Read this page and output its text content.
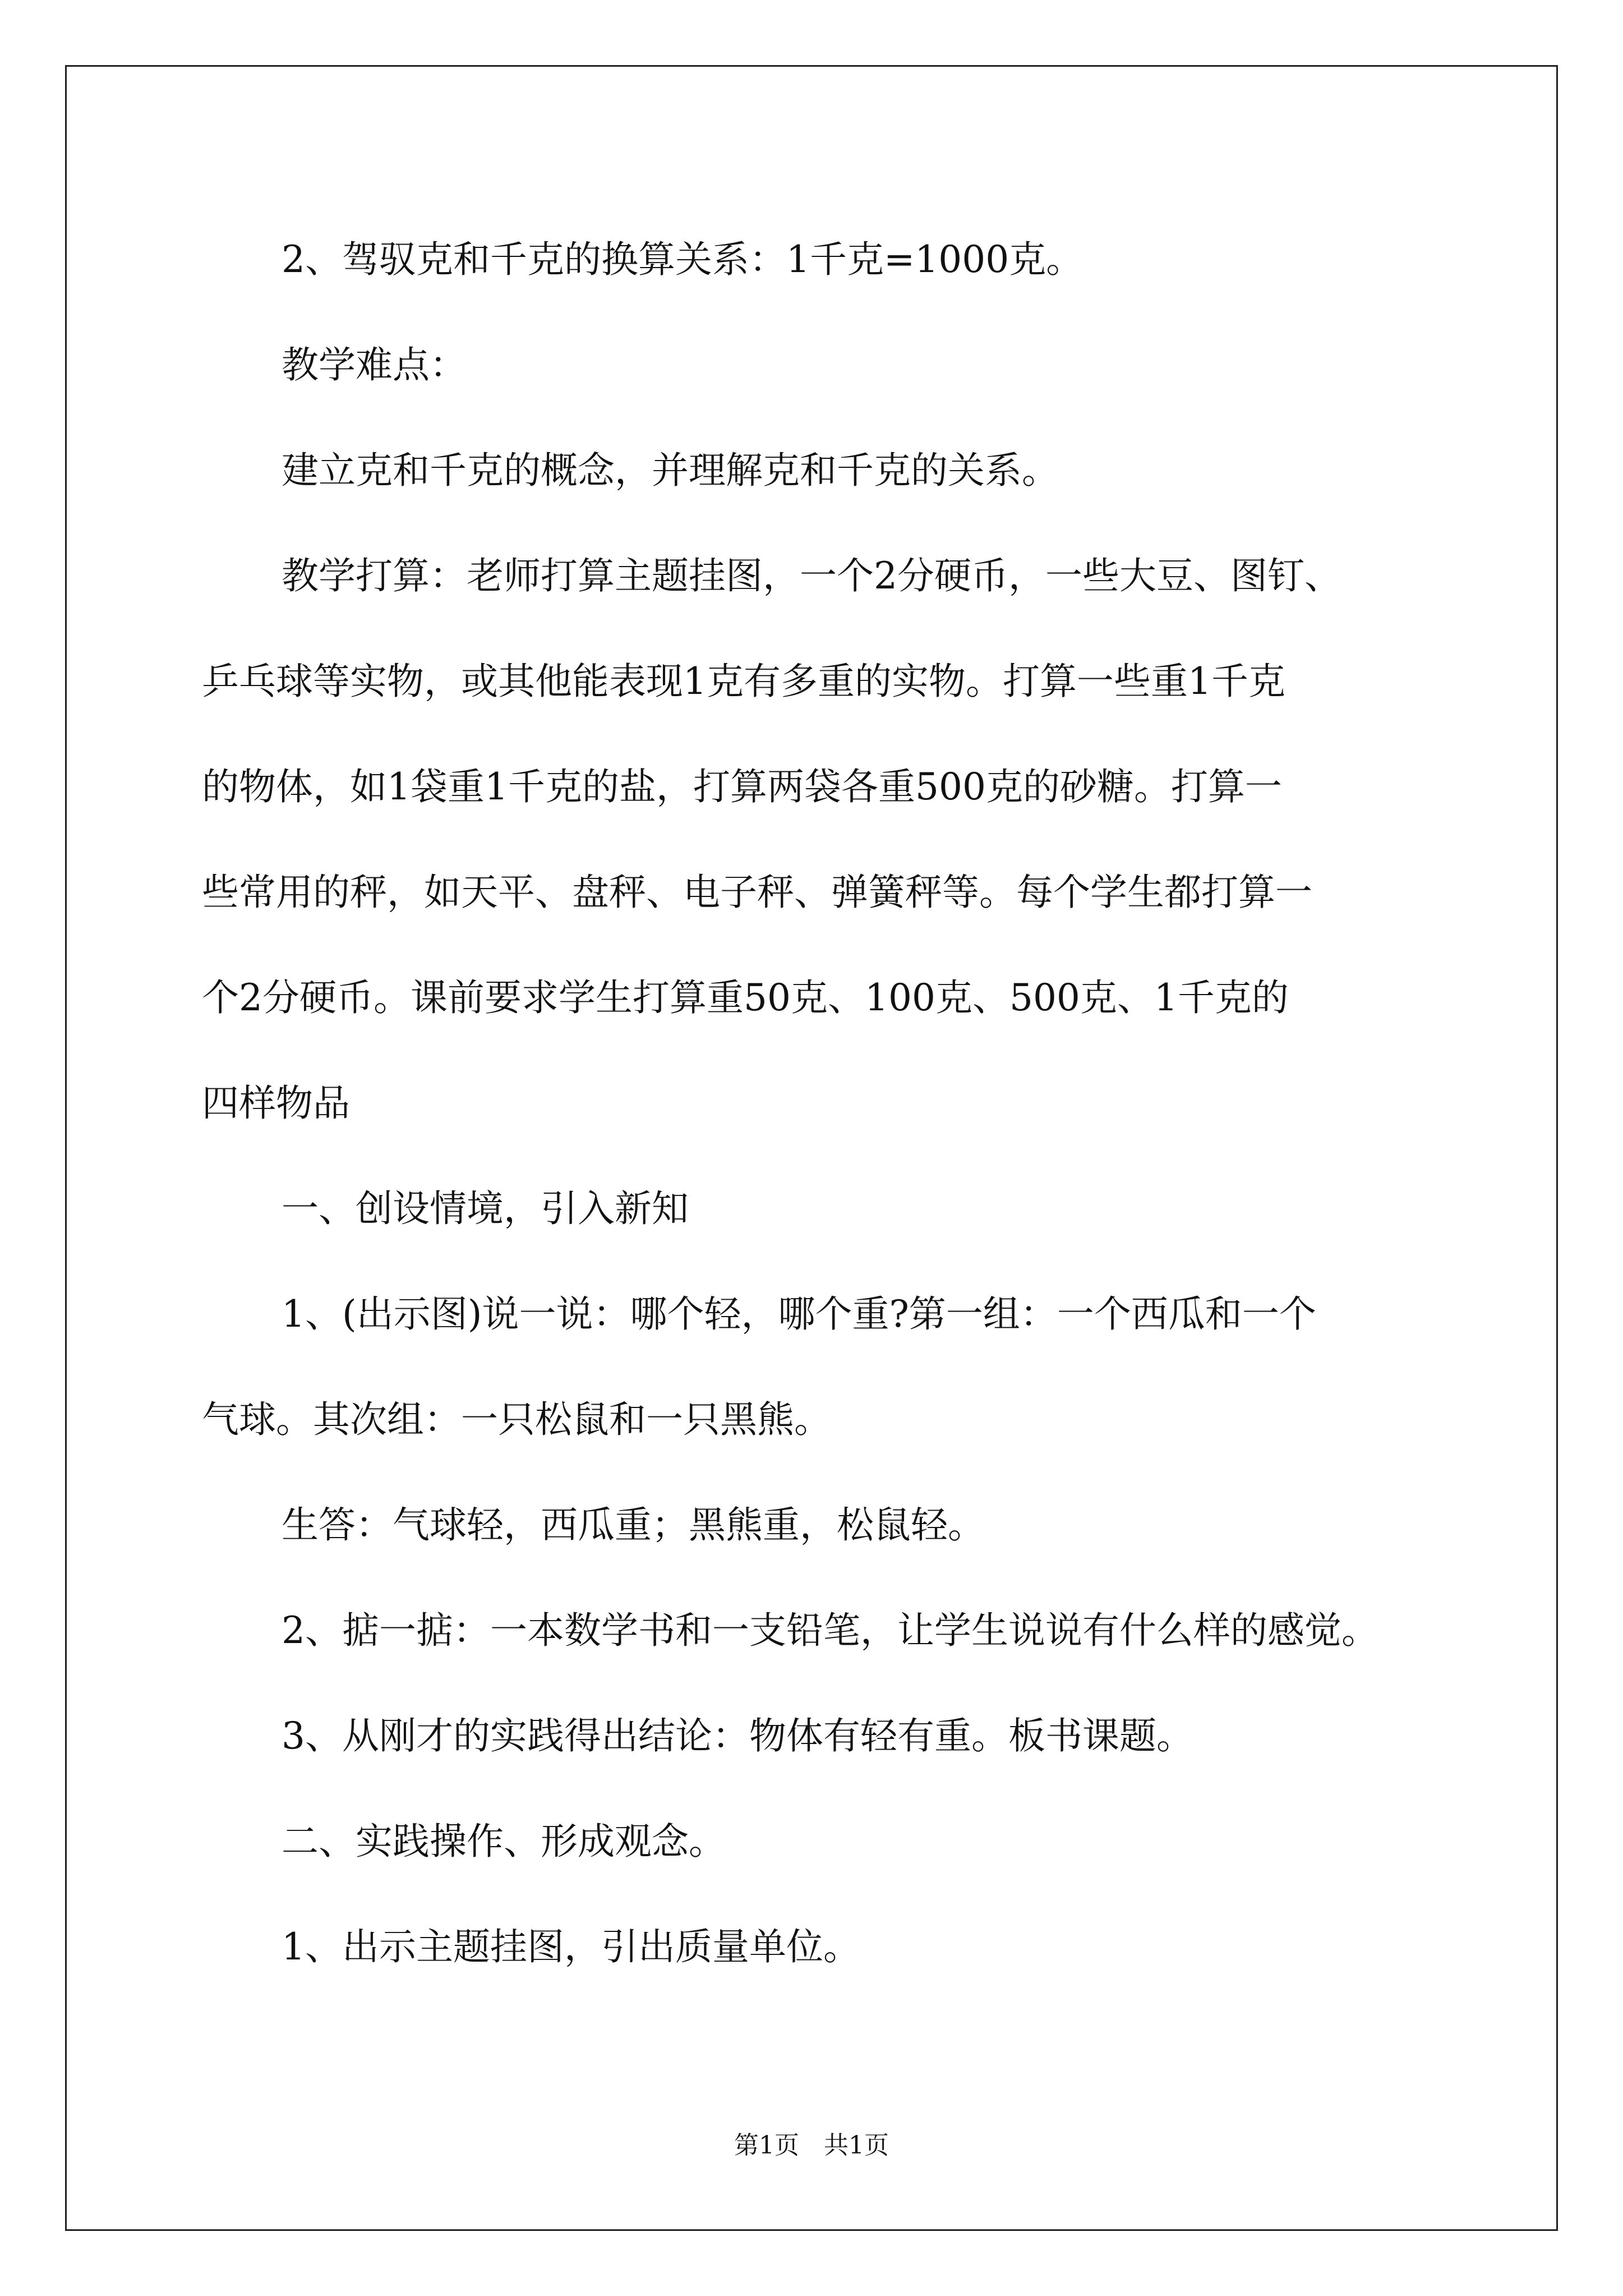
2、驾驭克和千克的换算关系：1千克=1000克。

教学难点：

建立克和千克的概念，并理解克和千克的关系。

教学打算：老师打算主题挂图，一个2分硬币，一些大豆、图钉、

乒乓球等实物，或其他能表现1克有多重的实物。打算一些重1千克

的物体，如1袋重1千克的盐，打算两袋各重500克的砂糖。打算一

些常用的秤，如天平、盘秤、电子秤、弹簧秤等。每个学生都打算一

个2分硬币。课前要求学生打算重50克、100克、500克、1千克的

四样物品

一、创设情境，引入新知

1、(出示图)说一说：哪个轻，哪个重?第一组：一个西瓜和一个

气球。其次组：一只松鼠和一只黑熊。

生答：气球轻，西瓜重；黑熊重，松鼠轻。

2、掂一掂：一本数学书和一支铅笔，让学生说说有什么样的感觉。

3、从刚才的实践得出结论：物体有轻有重。板书课题。

二、实践操作、形成观念。

1、出示主题挂图，引出质量单位。

第1页　共1页
